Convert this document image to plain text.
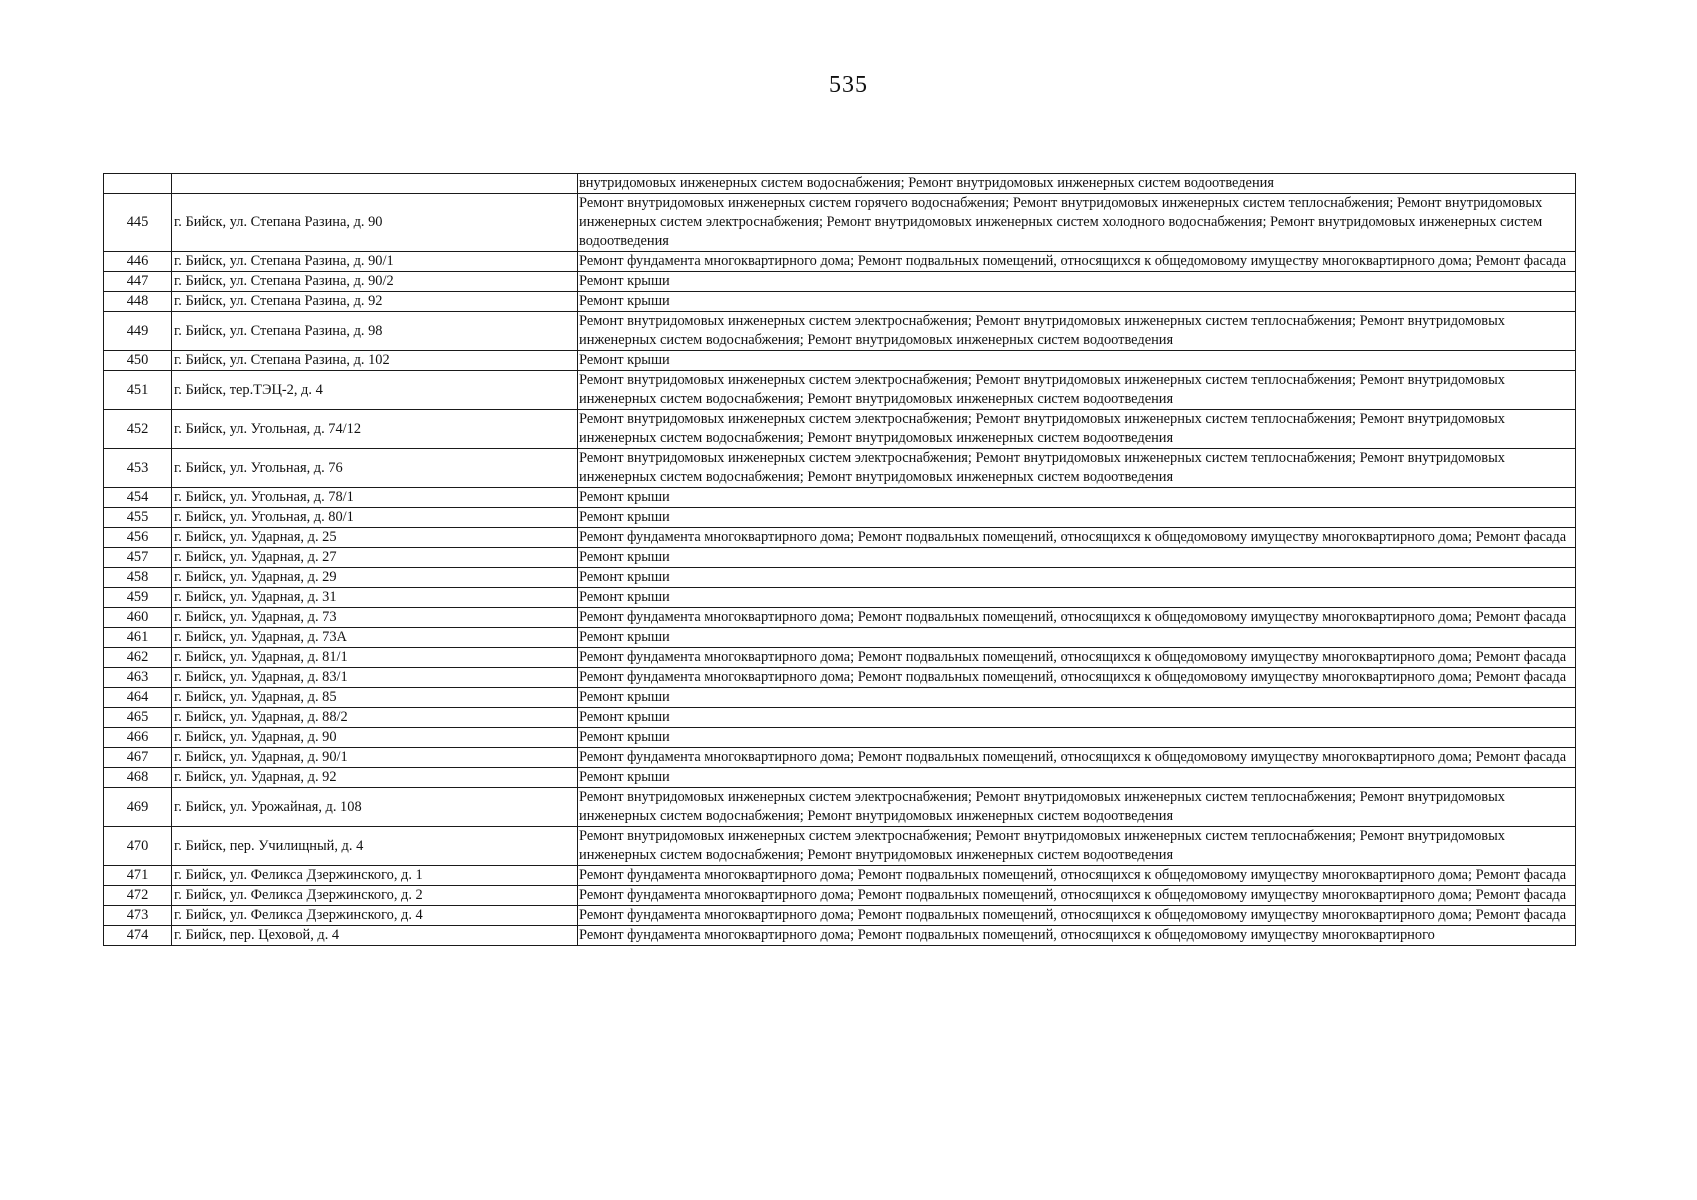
535
		внутридомовых инженерных систем водоснабжения; Ремонт внутридомовых инженерных систем водоотведения
445	г. Бийск, ул. Степана Разина, д. 90	Ремонт внутридомовых инженерных систем горячего водоснабжения; Ремонт внутридомовых инженерных систем теплоснабжения; Ремонт внутридомовых инженерных систем электроснабжения; Ремонт внутридомовых инженерных систем холодного водоснабжения; Ремонт внутридомовых инженерных систем водоотведения
446	г. Бийск, ул. Степана Разина, д. 90/1	Ремонт фундамента многоквартирного дома; Ремонт подвальных помещений, относящихся к общедомовому имуществу многоквартирного дома; Ремонт фасада
447	г. Бийск, ул. Степана Разина, д. 90/2	Ремонт крыши
448	г. Бийск, ул. Степана Разина, д. 92	Ремонт крыши
449	г. Бийск, ул. Степана Разина, д. 98	Ремонт внутридомовых инженерных систем электроснабжения; Ремонт внутридомовых инженерных систем теплоснабжения; Ремонт внутридомовых инженерных систем водоснабжения; Ремонт внутридомовых инженерных систем водоотведения
450	г. Бийск, ул. Степана Разина, д. 102	Ремонт крыши
451	г. Бийск, тер.ТЭЦ-2, д. 4	Ремонт внутридомовых инженерных систем электроснабжения; Ремонт внутридомовых инженерных систем теплоснабжения; Ремонт внутридомовых инженерных систем водоснабжения; Ремонт внутридомовых инженерных систем водоотведения
452	г. Бийск, ул. Угольная, д. 74/12	Ремонт внутридомовых инженерных систем электроснабжения; Ремонт внутридомовых инженерных систем теплоснабжения; Ремонт внутридомовых инженерных систем водоснабжения; Ремонт внутридомовых инженерных систем водоотведения
453	г. Бийск, ул. Угольная, д. 76	Ремонт внутридомовых инженерных систем электроснабжения; Ремонт внутридомовых инженерных систем теплоснабжения; Ремонт внутридомовых инженерных систем водоснабжения; Ремонт внутридомовых инженерных систем водоотведения
454	г. Бийск, ул. Угольная, д. 78/1	Ремонт крыши
455	г. Бийск, ул. Угольная, д. 80/1	Ремонт крыши
456	г. Бийск, ул. Ударная, д. 25	Ремонт фундамента многоквартирного дома; Ремонт подвальных помещений, относящихся к общедомовому имуществу многоквартирного дома; Ремонт фасада
457	г. Бийск, ул. Ударная, д. 27	Ремонт крыши
458	г. Бийск, ул. Ударная, д. 29	Ремонт крыши
459	г. Бийск, ул. Ударная, д. 31	Ремонт крыши
460	г. Бийск, ул. Ударная, д. 73	Ремонт фундамента многоквартирного дома; Ремонт подвальных помещений, относящихся к общедомовому имуществу многоквартирного дома; Ремонт фасада
461	г. Бийск, ул. Ударная, д. 73А	Ремонт крыши
462	г. Бийск, ул. Ударная, д. 81/1	Ремонт фундамента многоквартирного дома; Ремонт подвальных помещений, относящихся к общедомовому имуществу многоквартирного дома; Ремонт фасада
463	г. Бийск, ул. Ударная, д. 83/1	Ремонт фундамента многоквартирного дома; Ремонт подвальных помещений, относящихся к общедомовому имуществу многоквартирного дома; Ремонт фасада
464	г. Бийск, ул. Ударная, д. 85	Ремонт крыши
465	г. Бийск, ул. Ударная, д. 88/2	Ремонт крыши
466	г. Бийск, ул. Ударная, д. 90	Ремонт крыши
467	г. Бийск, ул. Ударная, д. 90/1	Ремонт фундамента многоквартирного дома; Ремонт подвальных помещений, относящихся к общедомовому имуществу многоквартирного дома; Ремонт фасада
468	г. Бийск, ул. Ударная, д. 92	Ремонт крыши
469	г. Бийск, ул. Урожайная, д. 108	Ремонт внутридомовых инженерных систем электроснабжения; Ремонт внутридомовых инженерных систем теплоснабжения; Ремонт внутридомовых инженерных систем водоснабжения; Ремонт внутридомовых инженерных систем водоотведения
470	г. Бийск, пер. Училищный, д. 4	Ремонт внутридомовых инженерных систем электроснабжения; Ремонт внутридомовых инженерных систем теплоснабжения; Ремонт внутридомовых инженерных систем водоснабжения; Ремонт внутридомовых инженерных систем водоотведения
471	г. Бийск, ул. Феликса Дзержинского, д. 1	Ремонт фундамента многоквартирного дома; Ремонт подвальных помещений, относящихся к общедомовому имуществу многоквартирного дома; Ремонт фасада
472	г. Бийск, ул. Феликса Дзержинского, д. 2	Ремонт фундамента многоквартирного дома; Ремонт подвальных помещений, относящихся к общедомовому имуществу многоквартирного дома; Ремонт фасада
473	г. Бийск, ул. Феликса Дзержинского, д. 4	Ремонт фундамента многоквартирного дома; Ремонт подвальных помещений, относящихся к общедомовому имуществу многоквартирного дома; Ремонт фасада
474	г. Бийск, пер. Цеховой, д. 4	Ремонт фундамента многоквартирного дома; Ремонт подвальных помещений, относящихся к общедомовому имуществу многоквартирного
